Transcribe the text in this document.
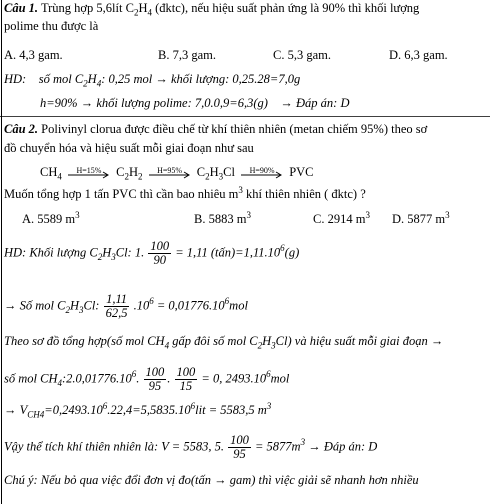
Câu 1. Trùng hợp 5,6lít $C_2H_4$ (đktc), nếu hiệu suất phản ứng là 90% thì khối lượng
polime thu được là
A. 4,3 gam.	B. 7,3 gam.	C. 5,3 gam.	D. 6,3 gam.
HD: số mol $C_2H_4$: 0,25 mol → khối lượng: 0,25.28=7,0g
h=90% → khối lượng polime: 7,0.0,9=6,3(g) → Đáp án: D
Câu 2. Polivinyl clorua được điều chế từ khí thiên nhiên (metan chiếm 95%) theo sơ
đồ chuyển hóa và hiệu suất mỗi giai đoạn như sau
$CH_4$
H=15%	$C_2H_2$
H=95%	$C_2H_3Cl$	H=90%	PVC
Muốn tổng hợp 1 tấn PVC thì cần bao nhiêu $m^3$ khí thiên nhiên ( đktc) ?
A. 5589 $m^3$	B. 5883 $m^3$	C. 2914 $m^3$ D. 5877 $m^3$
HD: Khối lượng $C_2H_3Cl$: 1. $\frac{100}{90} = 1,11$ $(tấn)=1,11.10^6(g)$
→ Số mol $C_2H_3Cl$: $\frac{1,11}{62,5} .10^6 = 0,01776.10^6mol$
Theo sơ đồ tổng hợp(số mol $CH_4$ gấp đôi số mol $C_2H_3Cl$) và hiệu suất mỗi giai đoạn →
số mol $CH_4:2.0,01776.10^6$. $\frac{100}{95}$ . $\frac{100}{15} = 0$, $2493.10^6mol$
→ $V_{CH4}=0,2493.10^6.22,4=5,5835.10^6lit = 5583,5$ $m^3$
Vậy thể tích khí thiên nhiên là: V = 5583, 5. $\frac{100}{95} = 5877m^3$ → Đáp án: D
Chú ý: Nếu bỏ qua việc đổi đơn vị đo(tấn → gam) thì việc giải sẽ nhanh hơn nhiều
